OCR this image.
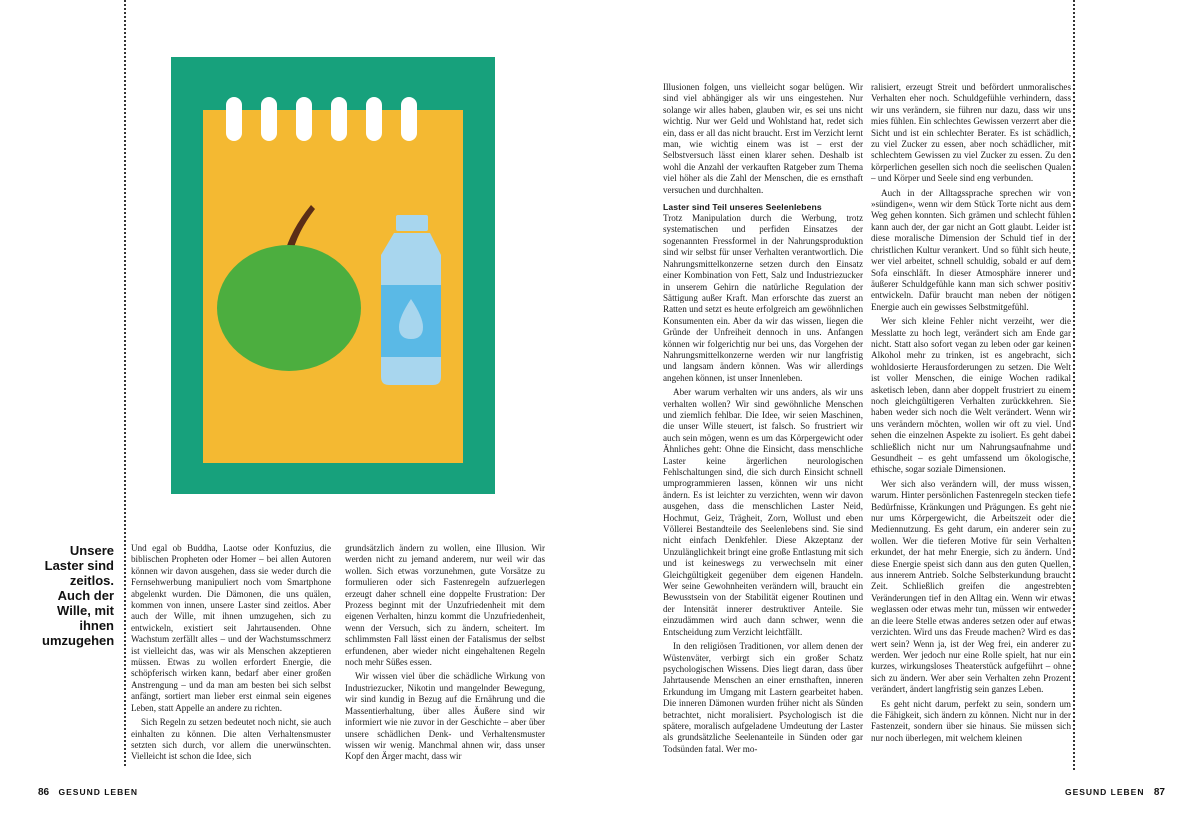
Unsere Laster sind zeitlos. Auch der Wille, mit ihnen umzugehen

Und egal ob Buddha, Laotse oder Konfuzius, die biblischen Propheten oder Homer – bei allen Autoren können wir davon ausgehen, dass sie weder durch die Fernsehwerbung manipuliert noch vom Smartphone abgelenkt wurden. Die Dämonen, die uns quälen, kommen von innen, unsere Laster sind zeitlos. Aber auch der Wille, mit ihnen umzugehen, sich zu entwickeln, existiert seit Jahrtausenden. Ohne Wachstum zerfällt alles – und der Wachstumsschmerz ist vielleicht das, was wir als Menschen akzeptieren müssen. Etwas zu wollen erfordert Energie, die schöpferisch wirken kann, bedarf aber einer großen Anstrengung – und da man am besten bei sich selbst anfängt, sortiert man lieber erst einmal sein eigenes Leben, statt Appelle an andere zu richten.

Sich Regeln zu setzen bedeutet noch nicht, sie auch einhalten zu können. Die alten Verhaltensmuster setzten sich durch, vor allem die unerwünschten. Vielleicht ist schon die Idee, sich

grundsätzlich ändern zu wollen, eine Illusion. Wir werden nicht zu jemand anderem, nur weil wir das wollen. Sich etwas vorzunehmen, gute Vorsätze zu formulieren oder sich Fastenregeln aufzuerlegen erzeugt daher schnell eine doppelte Frustration: Der Prozess beginnt mit der Unzufriedenheit mit dem eigenen Verhalten, hinzu kommt die Unzufriedenheit, wenn der Versuch, sich zu ändern, scheitert. Im schlimmsten Fall lässt einen der Fatalismus der selbst erfundenen, aber wieder nicht eingehaltenen Regeln noch mehr Süßes essen.

Wir wissen viel über die schädliche Wirkung von Industriezucker, Nikotin und mangelnder Bewegung, wir sind kundig in Bezug auf die Ernährung und die Massentierhaltung, über alles Äußere sind wir informiert wie nie zuvor in der Geschichte – aber über unsere schädlichen Denk- und Verhaltensmuster wissen wir wenig. Manchmal ahnen wir, dass unser Kopf den Ärger macht, dass wir

Illusionen folgen, uns vielleicht sogar belügen. Wir sind viel abhängiger als wir uns eingestehen. Nur solange wir alles haben, glauben wir, es sei uns nicht wichtig. Nur wer Geld und Wohlstand hat, redet sich ein, dass er all das nicht braucht. Erst im Verzicht lernt man, wie wichtig einem was ist – erst der Selbstversuch lässt einen klarer sehen. Deshalb ist wohl die Anzahl der verkauften Ratgeber zum Thema viel höher als die Zahl der Menschen, die es ernsthaft versuchen und durchhalten.

Laster sind Teil unseres Seelenlebens

Trotz Manipulation durch die Werbung, trotz systematischen und perfiden Einsatzes der sogenannten Fressformel in der Nahrungsproduktion sind wir selbst für unser Verhalten verantwortlich. Die Nahrungsmittelkonzerne setzen durch den Einsatz einer Kombination von Fett, Salz und Industriezucker in unserem Gehirn die natürliche Regulation der Sättigung außer Kraft. Man erforschte das zuerst an Ratten und setzt es heute erfolgreich am gewöhnlichen Konsumenten ein. Aber da wir das wissen, liegen die Gründe der Unfreiheit dennoch in uns. Anfangen können wir folgerichtig nur bei uns, das Vorgehen der Nahrungsmittelkonzerne werden wir nur langfristig und langsam ändern können. Was wir allerdings angehen können, ist unser Innenleben.

Aber warum verhalten wir uns anders, als wir uns verhalten wollen? Wir sind gewöhnliche Menschen und ziemlich fehlbar. Die Idee, wir seien Maschinen, die unser Wille steuert, ist falsch. So frustriert wir auch sein mögen, wenn es um das Körpergewicht oder Ähnliches geht: Ohne die Einsicht, dass menschliche Laster keine ärgerlichen neurologischen Fehlschaltungen sind, die sich durch Einsicht schnell umprogrammieren lassen, können wir uns nicht ändern. Es ist leichter zu verzichten, wenn wir davon ausgehen, dass die menschlichen Laster Neid, Hochmut, Geiz, Trägheit, Zorn, Wollust und eben Völlerei Bestandteile des Seelenlebens sind. Sie sind nicht einfach Denkfehler. Diese Akzeptanz der Unzulänglichkeit bringt eine große Entlastung mit sich und ist keineswegs zu verwechseln mit einer Gleichgültigkeit gegenüber dem eigenen Handeln. Wer seine Gewohnheiten verändern will, braucht ein Bewusstsein von der Stabilität eigener Routinen und der Intensität innerer destruktiver Anteile. Sie einzudämmen wird auch dann schwer, wenn die Entscheidung zum Verzicht leichtfällt.

In den religiösen Traditionen, vor allem denen der Wüstenväter, verbirgt sich ein großer Schatz psychologischen Wissens. Dies liegt daran, dass über Jahrtausende Menschen an einer ernsthaften, inneren Erkundung im Umgang mit Lastern gearbeitet haben. Die inneren Dämonen wurden früher nicht als Sünden betrachtet, nicht moralisiert. Psychologisch ist die spätere, moralisch aufgeladene Umdeutung der Laster als grundsätzliche Seelenanteile in Sünden oder gar Todsünden fatal. Wer mo-

ralisiert, erzeugt Streit und befördert unmoralisches Verhalten eher noch. Schuldgefühle verhindern, dass wir uns verändern, sie führen nur dazu, dass wir uns mies fühlen. Ein schlechtes Gewissen verzerrt aber die Sicht und ist ein schlechter Berater. Es ist schädlich, zu viel Zucker zu essen, aber noch schädlicher, mit schlechtem Gewissen zu viel Zucker zu essen. Zu den körperlichen gesellen sich noch die seelischen Qualen – und Körper und Seele sind eng verbunden.

Auch in der Alltagssprache sprechen wir von »sündigen«, wenn wir dem Stück Torte nicht aus dem Weg gehen konnten. Sich grämen und schlecht fühlen kann auch der, der gar nicht an Gott glaubt. Leider ist diese moralische Dimension der Schuld tief in der christlichen Kultur verankert. Und so fühlt sich heute, wer viel arbeitet, schnell schuldig, sobald er auf dem Sofa einschläft. In dieser Atmosphäre innerer und äußerer Schuldgefühle kann man sich schwer positiv entwickeln. Dafür braucht man neben der nötigen Energie auch ein gewisses Selbstmitgefühl.

Wer sich kleine Fehler nicht verzeiht, wer die Messlatte zu hoch legt, verändert sich am Ende gar nicht. Statt also sofort vegan zu leben oder gar keinen Alkohol mehr zu trinken, ist es angebracht, sich wohldosierte Herausforderungen zu setzen. Die Welt ist voller Menschen, die einige Wochen radikal asketisch leben, dann aber doppelt frustriert zu einem noch gleichgültigeren Verhalten zurückkehren. Sie haben weder sich noch die Welt verändert. Wenn wir uns verändern möchten, wollen wir oft zu viel. Und sehen die einzelnen Aspekte zu isoliert. Es geht dabei schließlich nicht nur um Nahrungsaufnahme und Gesundheit – es geht umfassend um ökologische, ethische, sogar soziale Dimensionen.

Wer sich also verändern will, der muss wissen, warum. Hinter persönlichen Fastenregeln stecken tiefe Bedürfnisse, Kränkungen und Prägungen. Es geht nie nur ums Körpergewicht, die Arbeitszeit oder die Mediennutzung. Es geht darum, ein anderer sein zu wollen. Wer die tieferen Motive für sein Verhalten erkundet, der hat mehr Energie, sich zu ändern. Und diese Energie speist sich dann aus den guten Quellen, aus innerem Antrieb. Solche Selbsterkundung braucht Zeit. Schließlich greifen die angestrebten Veränderungen tief in den Alltag ein. Wenn wir etwas weglassen oder etwas mehr tun, müssen wir entweder an die leere Stelle etwas anderes setzen oder auf etwas verzichten. Wird uns das Freude machen? Wird es das wert sein? Wenn ja, ist der Weg frei, ein anderer zu werden. Wer jedoch nur eine Rolle spielt, hat nur ein kurzes, wirkungsloses Theaterstück aufgeführt – ohne sich zu ändern. Wer aber sein Verhalten zehn Prozent verändert, ändert langfristig sein ganzes Leben.

Es geht nicht darum, perfekt zu sein, sondern um die Fähigkeit, sich ändern zu können. Nicht nur in der Fastenzeit, sondern über sie hinaus. Sie müssen sich nur noch überlegen, mit welchem kleinen

86 GESUND LEBEN	GESUND LEBEN 87
